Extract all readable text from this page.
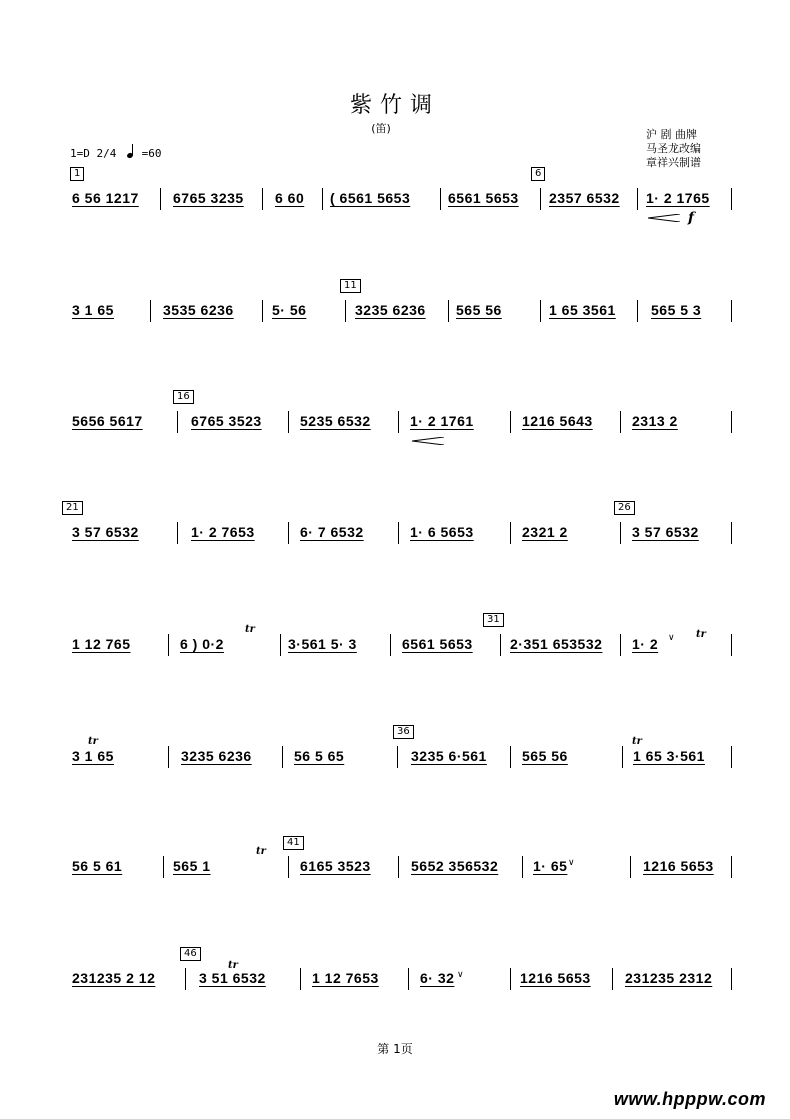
紫竹调
(笛)	沪 剧 曲牌
马圣龙改编
章祥兴制谱
1=D 2/4 =60
6 56 1217 6765 3235 6 60 ( 6561 5653	6561 5653 2357 6532 1· 2 1765
1	6
3 1 65	3535 6236	5· 56	3235 6236 565 56	1 65 3561	565 5 3
11
5656 5617	6765 3523	5235 6532	1· 2 1761	1216 5643	2313 2
16
3 57 6532	1· 2 7653	6· 7 6532	1· 6 5653	2321 2	3 57 6532
21	26
1 12 765	6 ) 0·2	3·561 5· 3	6561 5653	2·351 653532 1· 2
31
3 1 65	3235 6236	56 5 65	3235 6·561	565 56	1 65 3·561
36
56 5 61	565 1	6165 3523	5652 356532 1· 65	1216 5653
41
231235 2 12	3 51 6532	1 12 7653	6· 32	1216 5653 231235 2312
46
tr	tr
tr	tr
tr
tr
∨
∨
∨
f
第 1页
www.hpppw.com
